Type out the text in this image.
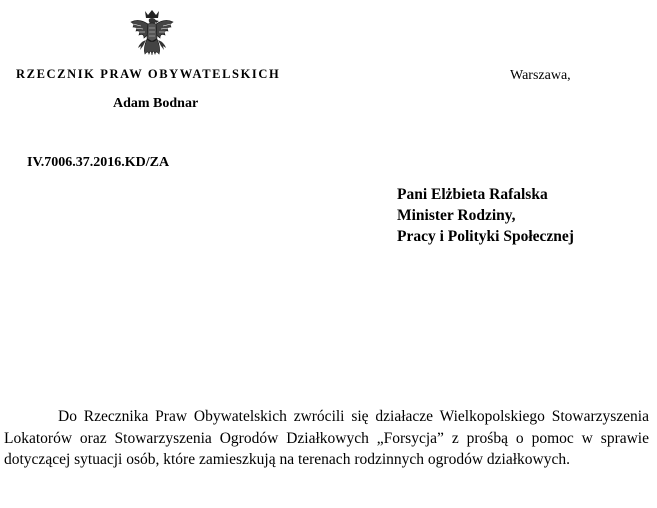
RZECZNIK PRAW OBYWATELSKICH	Warszawa,
Adam Bodnar
IV.7006.37.2016.KD/ZA
Pani Elżbieta Rafalska
Minister Rodziny,
Pracy i Polityki Społecznej

Do Rzecznika Praw Obywatelskich zwrócili się działacze Wielkopolskiego Stowarzyszenia Lokatorów oraz Stowarzyszenia Ogrodów Działkowych „Forsycja” z prośbą o pomoc w sprawie dotyczącej sytuacji osób, które zamieszkują na terenach rodzinnych ogrodów działkowych.
